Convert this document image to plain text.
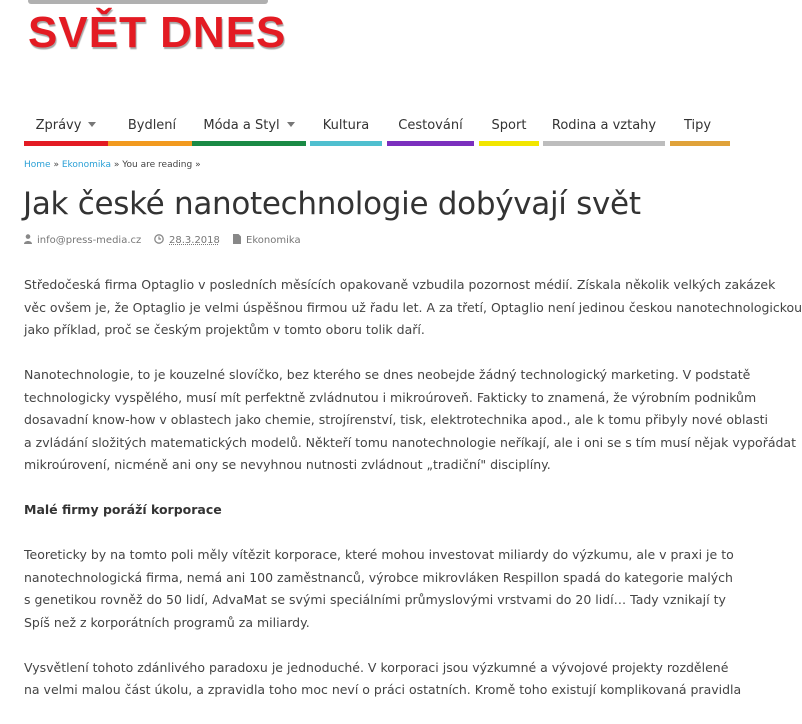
SVĚT DNES
Zprávy	Bydlení	Móda a Styl	Kultura	Cestování	Sport	Rodina a vztahy	Tipy
Home » Ekonomika » You are reading »
Jak české nanotechnologie dobývají svět
info@press-media.cz	28.3.2018	Ekonomika

Středočeská firma Optaglio v posledních měsících opakovaně vzbudila pozornost médií. Získala několik velkých zakázek
věc ovšem je, že Optaglio je velmi úspěšnou firmou už řadu let. A za třetí, Optaglio není jedinou českou nanotechnologickou
jako příklad, proč se českým projektům v tomto oboru tolik daří.

Nanotechnologie, to je kouzelné slovíčko, bez kterého se dnes neobejde žádný technologický marketing. V podstatě
technologicky vyspělého, musí mít perfektně zvládnutou i mikroúroveň. Fakticky to znamená, že výrobním podnikům
dosavadní know-how v oblastech jako chemie, strojírenství, tisk, elektrotechnika apod., ale k tomu přibyly nové oblasti
a zvládání složitých matematických modelů. Někteří tomu nanotechnologie neříkají, ale i oni se s tím musí nějak vypořádat
mikroúrovení, nicméně ani ony se nevyhnou nutnosti zvládnout „tradiční" disciplíny.

Malé firmy poráží korporace

Teoreticky by na tomto poli měly vítězit korporace, které mohou investovat miliardy do výzkumu, ale v praxi je to
nanotechnologická firma, nemá ani 100 zaměstnanců, výrobce mikrovláken Respillon spadá do kategorie malých
s genetikou rovněž do 50 lidí, AdvaMat se svými speciálními průmyslovými vrstvami do 20 lidí… Tady vznikají ty
Spíš než z korporátních programů za miliardy.

Vysvětlení tohoto zdánlivého paradoxu je jednoduché. V korporaci jsou výzkumné a vývojové projekty rozdělené
na velmi malou část úkolu, a zpravidla toho moc neví o práci ostatních. Kromě toho existují komplikovaná pravidla
